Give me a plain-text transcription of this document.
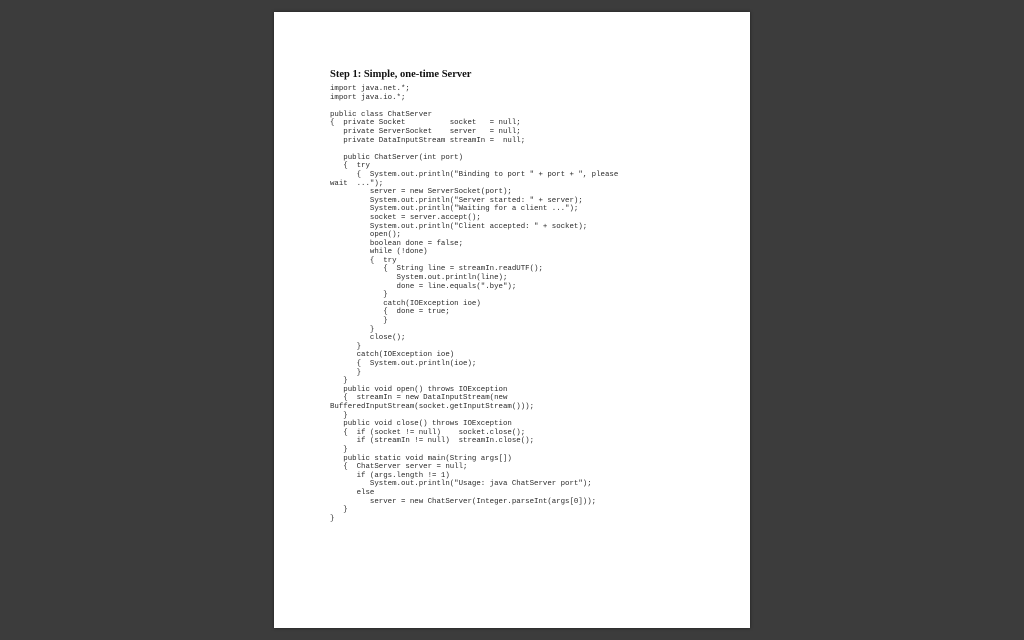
Step 1: Simple, one-time Server
import java.net.*;
import java.io.*;
public class ChatServer
{  private Socket          socket   = null;
private ServerSocket    server   = null;
private DataInputStream streamIn =  null;
public ChatServer(int port)
{  try
{  System.out.println("Binding to port " + port + ", please
wait  ...");
server = new ServerSocket(port);
System.out.println("Server started: " + server);
System.out.println("Waiting for a client ...");
socket = server.accept();
System.out.println("Client accepted: " + socket);
open();
boolean done = false;
while (!done)
{  try
{  String line = streamIn.readUTF();
System.out.println(line);
done = line.equals(".bye");
}
catch(IOException ioe)
{  done = true;
}
}
close();
}
catch(IOException ioe)
{  System.out.println(ioe);
}
}
public void open() throws IOException
{  streamIn = new DataInputStream(new
BufferedInputStream(socket.getInputStream()));
}
public void close() throws IOException
{  if (socket != null)    socket.close();
if (streamIn != null)  streamIn.close();
}
public static void main(String args[])
{  ChatServer server = null;
if (args.length != 1)
System.out.println("Usage: java ChatServer port");
else
server = new ChatServer(Integer.parseInt(args[0]));
}
}
